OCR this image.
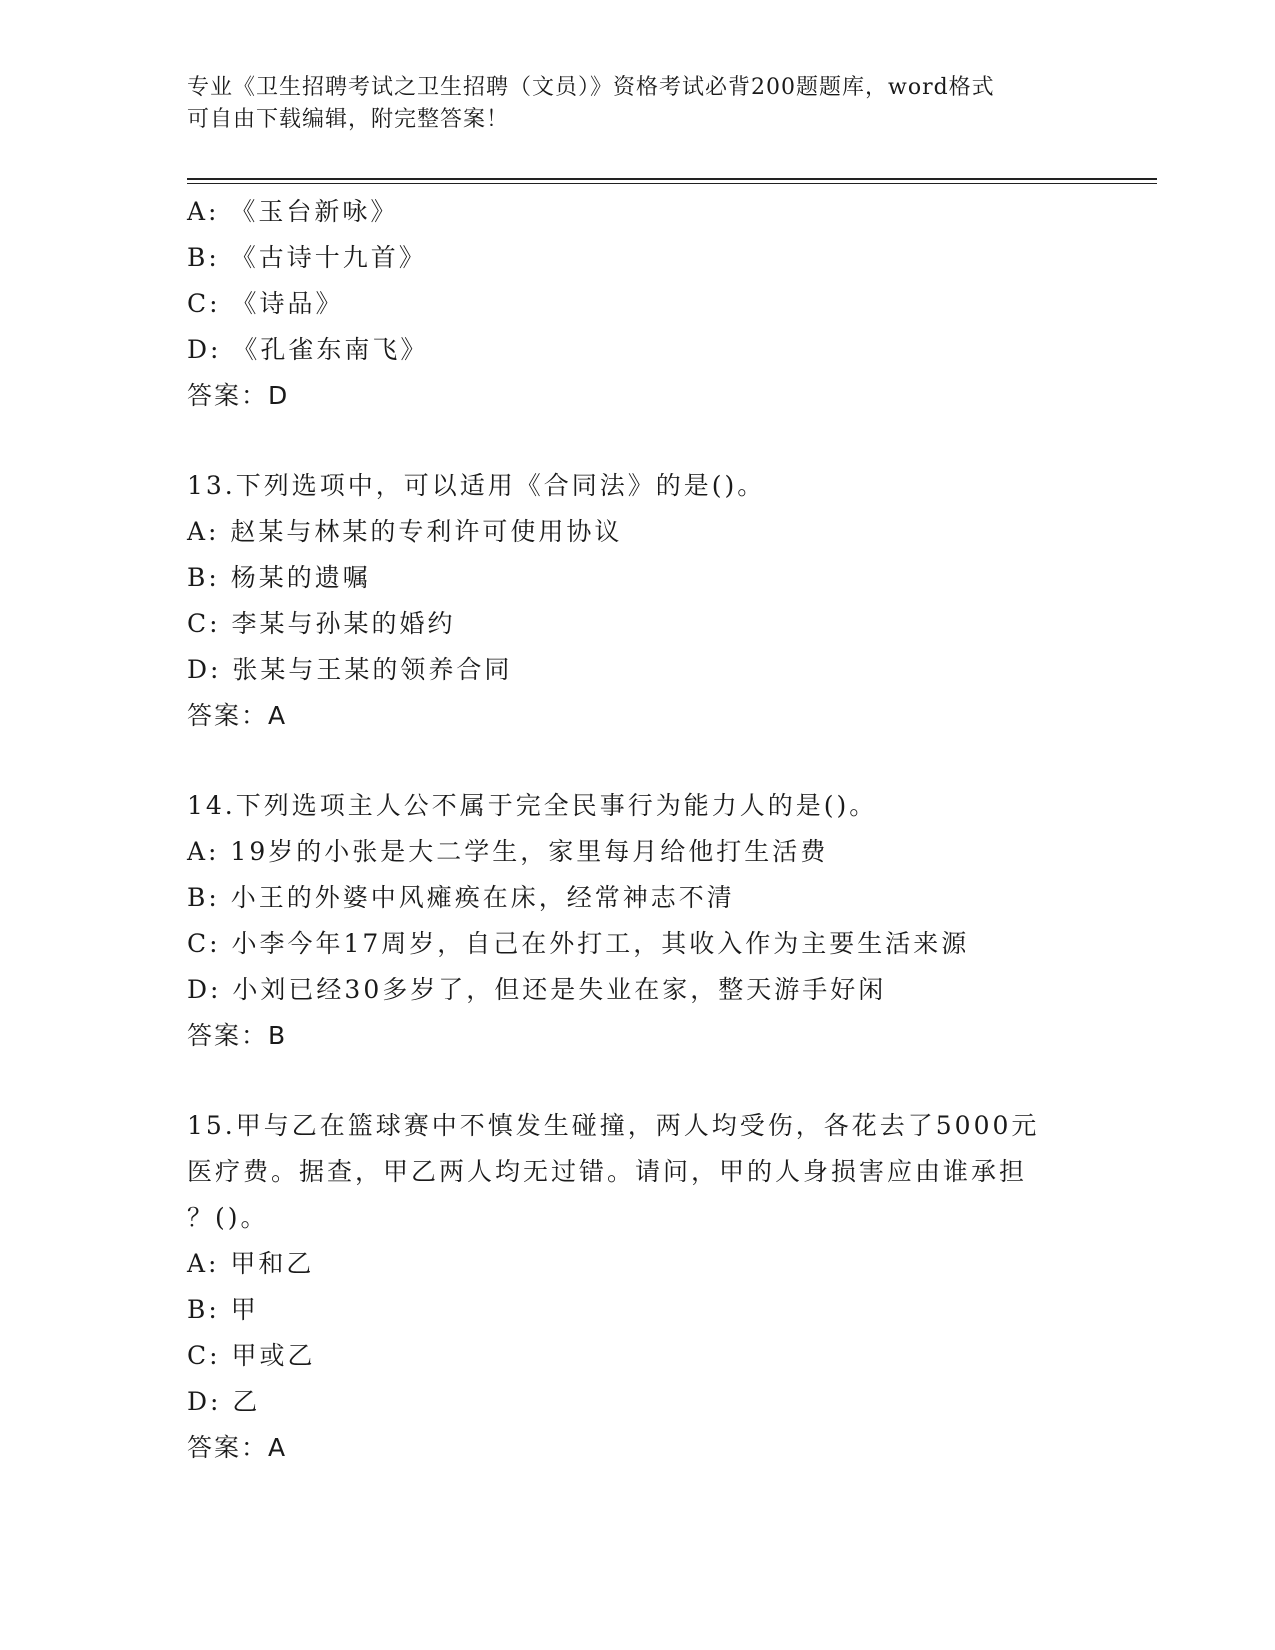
专业《卫生招聘考试之卫生招聘（文员）》资格考试必背200题题库，word格式
可自由下载编辑，附完整答案！
A: 《玉台新咏》
B: 《古诗十九首》
C: 《诗品》
D: 《孔雀东南飞》
答案：D
13.下列选项中，可以适用《合同法》的是()。
A: 赵某与林某的专利许可使用协议
B: 杨某的遗嘱
C: 李某与孙某的婚约
D: 张某与王某的领养合同
答案：A
14.下列选项主人公不属于完全民事行为能力人的是()。
A: 19岁的小张是大二学生，家里每月给他打生活费
B: 小王的外婆中风瘫痪在床，经常神志不清
C: 小李今年17周岁，自己在外打工，其收入作为主要生活来源
D: 小刘已经30多岁了，但还是失业在家，整天游手好闲
答案：B
15.甲与乙在篮球赛中不慎发生碰撞，两人均受伤，各花去了5000元
医疗费。据查，甲乙两人均无过错。请问，甲的人身损害应由谁承担
？()。
A: 甲和乙
B: 甲
C: 甲或乙
D: 乙
答案：A
